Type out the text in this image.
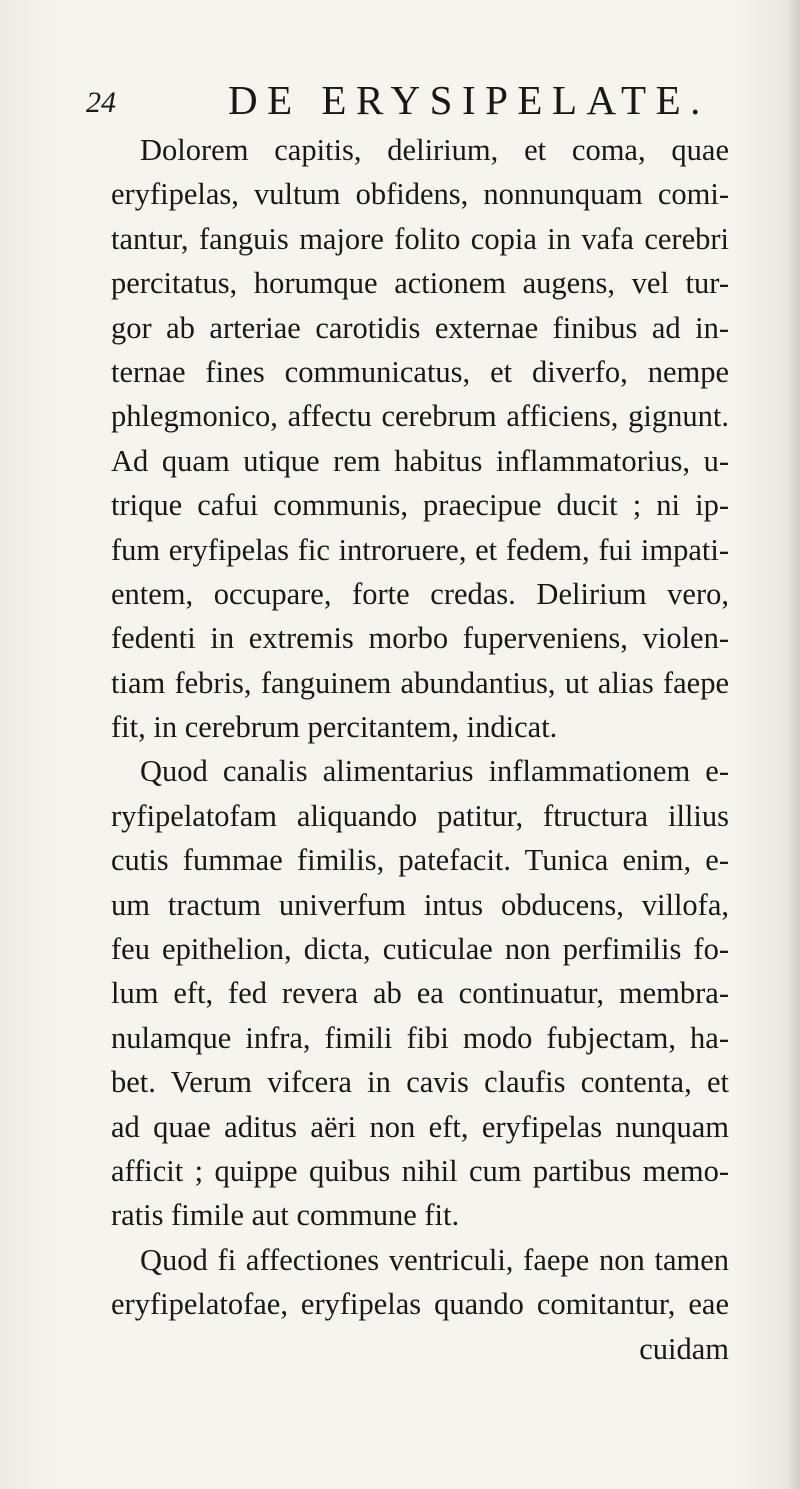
24	DE ERYSIPELATE.
Dolorem capitis, delirium, et coma, quae
eryfipelas, vultum obfidens, nonnunquam comi-
tantur, fanguis majore folito copia in vafa cerebri
percitatus, horumque actionem augens, vel tur-
gor ab arteriae carotidis externae finibus ad in-
ternae fines communicatus, et diverfo, nempe
phlegmonico, affectu cerebrum afficiens, gignunt.
Ad quam utique rem habitus inflammatorius, u-
trique cafui communis, praecipue ducit ; ni ip-
fum eryfipelas fic introruere, et fedem, fui impati-
entem, occupare, forte credas. Delirium vero,
fedenti in extremis morbo fuperveniens, violen-
tiam febris, fanguinem abundantius, ut alias faepe
fit, in cerebrum percitantem, indicat.
Quod canalis alimentarius inflammationem e-
ryfipelatofam aliquando patitur, ftructura illius
cutis fummae fimilis, patefacit. Tunica enim, e-
um tractum univerfum intus obducens, villofa,
feu epithelion, dicta, cuticulae non perfimilis fo-
lum eft, fed revera ab ea continuatur, membra-
nulamque infra, fimili fibi modo fubjectam, ha-
bet. Verum vifcera in cavis claufis contenta, et
ad quae aditus aëri non eft, eryfipelas nunquam
afficit ; quippe quibus nihil cum partibus memo-
ratis fimile aut commune fit.
Quod fi affectiones ventriculi, faepe non tamen
eryfipelatofae, eryfipelas quando comitantur, eae
cuidam
